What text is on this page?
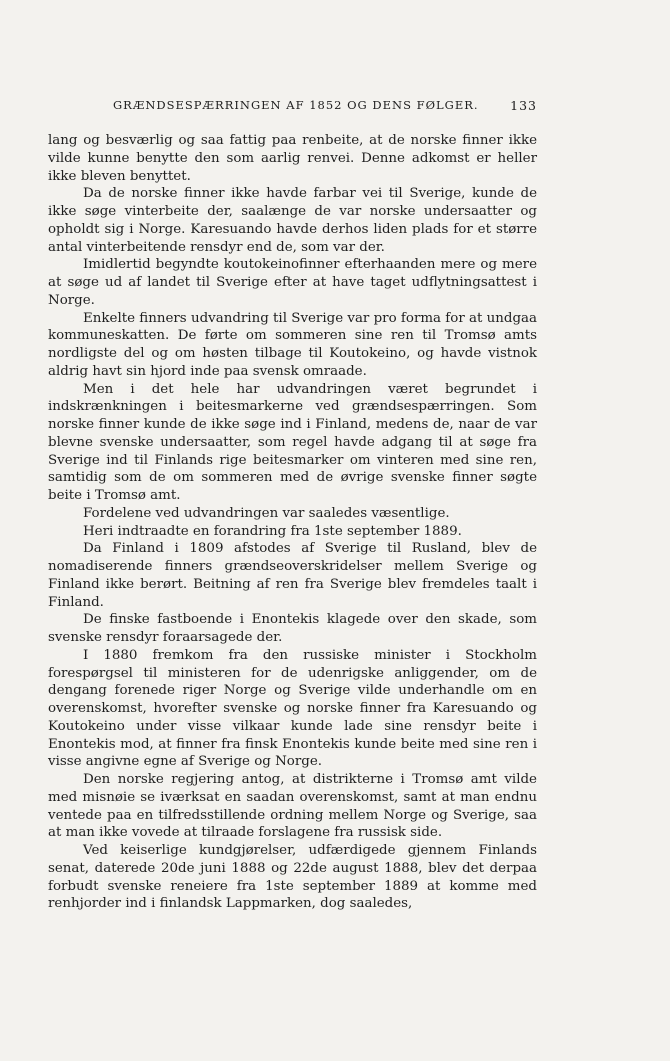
GRÆNDSESPÆRRINGEN AF 1852 OG DENS FØLGER.	133

lang og besværlig og saa fattig paa renbeite, at de norske finner ikke vilde kunne benytte den som aarlig renvei. Denne adkomst er heller ikke bleven benyttet.

Da de norske finner ikke havde farbar vei til Sverige, kunde de ikke søge vinterbeite der, saalænge de var norske undersaatter og opholdt sig i Norge. Karesuando havde derhos liden plads for et større antal vinterbeitende rensdyr end de, som var der.

Imidlertid begyndte koutokeinofinner efterhaanden mere og mere at søge ud af landet til Sverige efter at have taget udflytningsattest i Norge.

Enkelte finners udvandring til Sverige var pro forma for at undgaa kommuneskatten. De førte om sommeren sine ren til Tromsø amts nordligste del og om høsten tilbage til Koutokeino, og havde vistnok aldrig havt sin hjord inde paa svensk omraade.

Men i det hele har udvandringen været begrundet i indskrænkningen i beitesmarkerne ved grændsespærringen. Som norske finner kunde de ikke søge ind i Finland, medens de, naar de var blevne svenske undersaatter, som regel havde adgang til at søge fra Sverige ind til Finlands rige beitesmarker om vinteren med sine ren, samtidig som de om sommeren med de øvrige svenske finner søgte beite i Tromsø amt.

Fordelene ved udvandringen var saaledes væsentlige.

Heri indtraadte en forandring fra 1ste september 1889.

Da Finland i 1809 afstodes af Sverige til Rusland, blev de nomadiserende finners grændseoverskridelser mellem Sverige og Finland ikke berørt. Beitning af ren fra Sverige blev fremdeles taalt i Finland.

De finske fastboende i Enontekis klagede over den skade, som svenske rensdyr foraarsagede der.

I 1880 fremkom fra den russiske minister i Stockholm forespørgsel til ministeren for de udenrigske anliggender, om de dengang forenede riger Norge og Sverige vilde underhandle om en overenskomst, hvorefter svenske og norske finner fra Karesuando og Koutokeino under visse vilkaar kunde lade sine rensdyr beite i Enontekis mod, at finner fra finsk Enontekis kunde beite med sine ren i visse angivne egne af Sverige og Norge.

Den norske regjering antog, at distrikterne i Tromsø amt vilde med misnøie se iværksat en saadan overenskomst, samt at man endnu ventede paa en tilfredsstillende ordning mellem Norge og Sverige, saa at man ikke vovede at tilraade forslagene fra russisk side.

Ved keiserlige kundgjørelser, udfærdigede gjennem Finlands senat, daterede 20de juni 1888 og 22de august 1888, blev det derpaa forbudt svenske reneiere fra 1ste september 1889 at komme med renhjorder ind i finlandsk Lappmarken, dog saaledes,
